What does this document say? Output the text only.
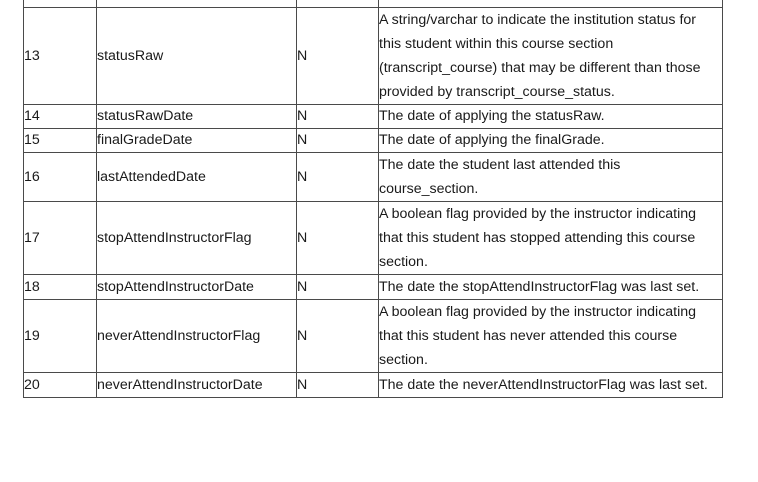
13	statusRaw	N	A string/varchar to indicate the institution status for this student within this course section (transcript_course) that may be different than those provided by transcript_course_status.
14	statusRawDate	N	The date of applying the statusRaw.
15	finalGradeDate	N	The date of applying the finalGrade.
16	lastAttendedDate	N	The date the student last attended this course_section.
17	stopAttendInstructorFlag	N	A boolean flag provided by the instructor indicating that this student has stopped attending this course section.
18	stopAttendInstructorDate	N	The date the stopAttendInstructorFlag was last set.
19	neverAttendInstructorFlag	N	A boolean flag provided by the instructor indicating that this student has never attended this course section.
20	neverAttendInstructorDate	N	The date the neverAttendInstructorFlag was last set.
